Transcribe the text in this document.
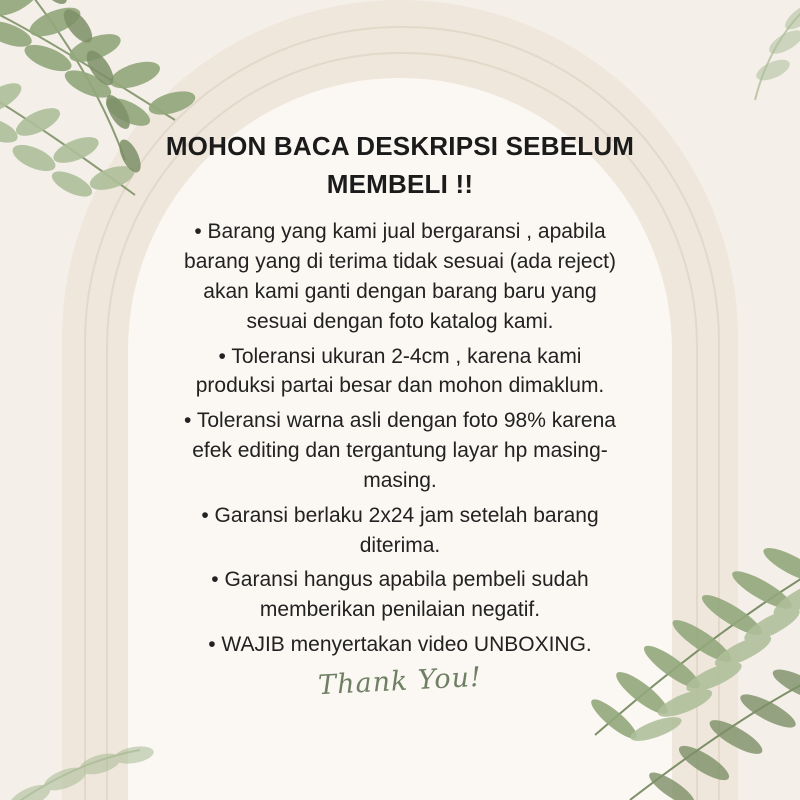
MOHON BACA DESKRIPSI SEBELUM
MEMBELI !!

• Barang yang kami jual bergaransi , apabila

barang yang di terima tidak sesuai (ada reject)

akan kami ganti dengan barang baru yang

sesuai dengan foto katalog kami.

• Toleransi ukuran 2-4cm , karena kami

produksi partai besar dan mohon dimaklum.

• Toleransi warna asli dengan foto 98% karena

efek editing dan tergantung layar hp masing-

masing.

• Garansi berlaku 2x24 jam setelah barang

diterima.

• Garansi hangus apabila pembeli sudah

memberikan penilaian negatif.

• WAJIB menyertakan video UNBOXING.

Thank You!
